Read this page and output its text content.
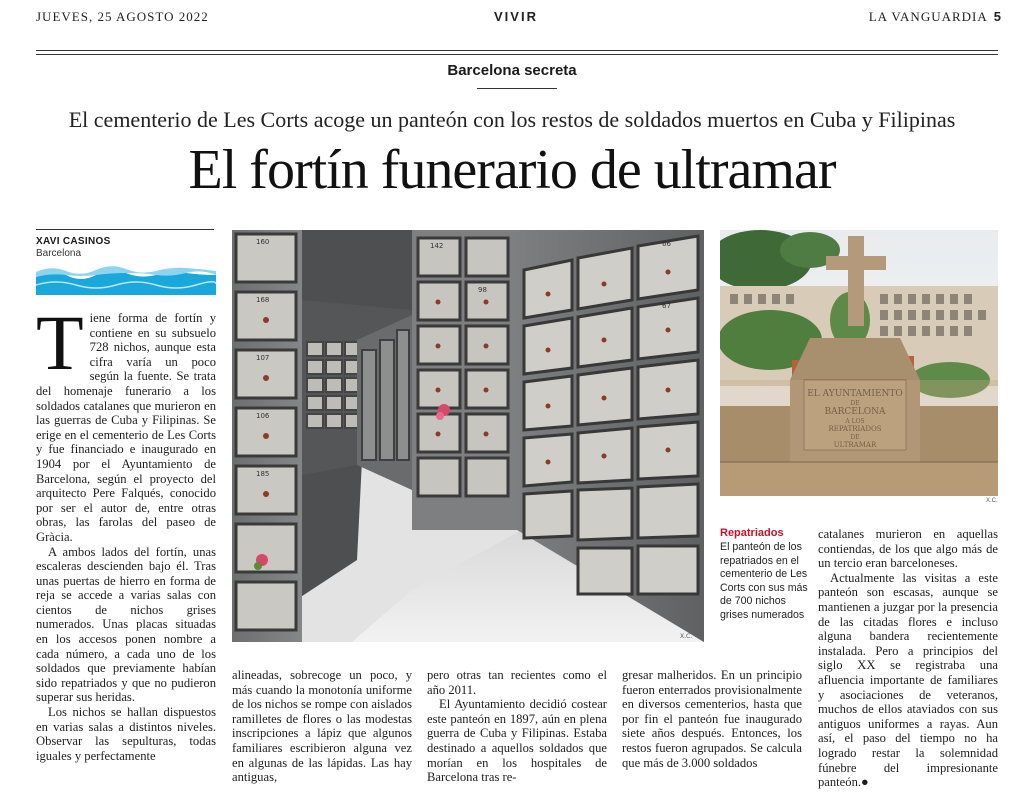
JUEVES, 25 AGOSTO 2022	VIVIR	LA VANGUARDIA 5
Barcelona secreta
El cementerio de Les Corts acoge un panteón con los restos de soldados muertos en Cuba y Filipinas
El fortín funerario de ultramar
XAVI CASINOS
Barcelona

Tiene forma de fortín y contiene en su subsuelo 728 nichos, aunque esta cifra varía un poco según la fuente. Se trata del homenaje funerario a los soldados catalanes que murieron en las guerras de Cuba y Filipinas. Se erige en el cementerio de Les Corts y fue financiado e inaugurado en 1904 por el Ayuntamiento de Barcelona, según el proyecto del arquitecto Pere Falqués, conocido por ser el autor de, entre otras obras, las farolas del paseo de Gràcia.

A ambos lados del fortín, unas escaleras descienden bajo él. Tras unas puertas de hierro en forma de reja se accede a varias salas con cientos de nichos grises numerados. Unas placas situadas en los accesos ponen nombre a cada número, a cada uno de los soldados que previamente habían sido repatriados y que no pudieron superar sus heridas.

Los nichos se hallan dispuestos en varias salas a distintos niveles. Observar las sepulturas, todas iguales y perfectamente

160	142
98
66
168
67
107
106
185
X.C.
EL AYUNTAMIENTO
DE
BARCELONA
A LOS
REPATRIADOS
DE
ULTRAMAR
X.C.
Repatriados
El panteón de los repatriados en el cementerio de Les Corts con sus más de 700 nichos grises numerados

alineadas, sobrecoge un poco, y más cuando la monotonía uniforme de los nichos se rompe con aislados ramilletes de flores o las modestas inscripciones a lápiz que algunos familiares escribieron alguna vez en algunas de las lápidas. Las hay antiguas,

pero otras tan recientes como el año 2011.

El Ayuntamiento decidió costear este panteón en 1897, aún en plena guerra de Cuba y Filipinas. Estaba destinado a aquellos soldados que morían en los hospitales de Barcelona tras re-

gresar malheridos. En un principio fueron enterrados provisionalmente en diversos cementerios, hasta que por fin el panteón fue inaugurado siete años después. Entonces, los restos fueron agrupados. Se calcula que más de 3.000 soldados

catalanes murieron en aquellas contiendas, de los que algo más de un tercio eran barceloneses.

Actualmente las visitas a este panteón son escasas, aunque se mantienen a juzgar por la presencia de las citadas flores e incluso alguna bandera recientemente instalada. Pero a principios del siglo XX se registraba una afluencia importante de familiares y asociaciones de veteranos, muchos de ellos ataviados con sus antiguos uniformes a rayas. Aun así, el paso del tiempo no ha logrado restar la solemnidad fúnebre del impresionante panteón.●
